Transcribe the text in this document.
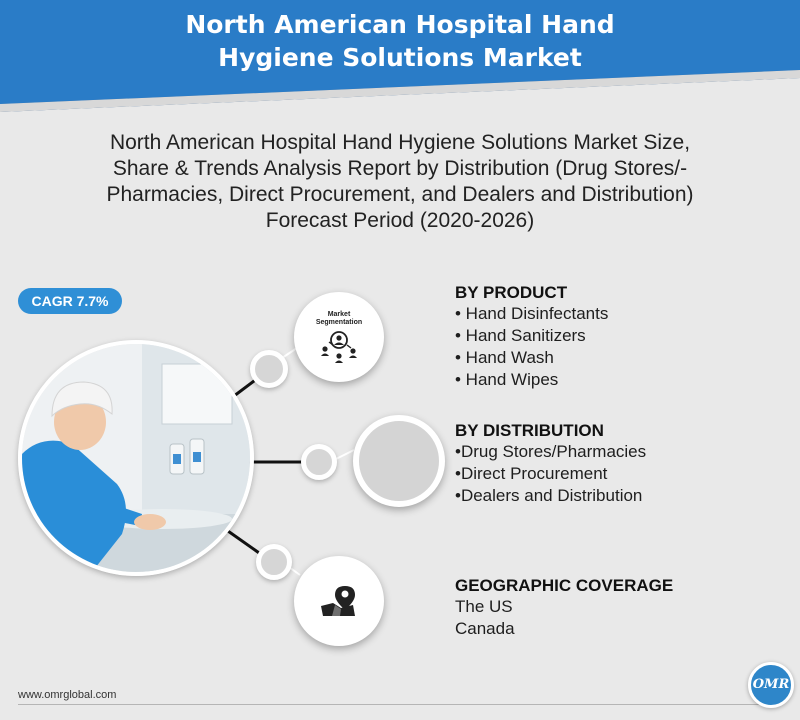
North American Hospital Hand
Hygiene Solutions Market
North American Hospital Hand Hygiene Solutions Market Size,
Share & Trends Analysis Report by Distribution (Drug Stores/-
Pharmacies, Direct Procurement, and Dealers and Distribution)
Forecast Period (2020-2026)
CAGR 7.7%
Market
Segmentation
BY PRODUCT
• Hand Disinfectants
• Hand Sanitizers
• Hand Wash
• Hand Wipes
BY DISTRIBUTION
•Drug Stores/Pharmacies
•Direct Procurement
•Dealers and Distribution
GEOGRAPHIC COVERAGE
The US
Canada
www.omrglobal.com
OMR
